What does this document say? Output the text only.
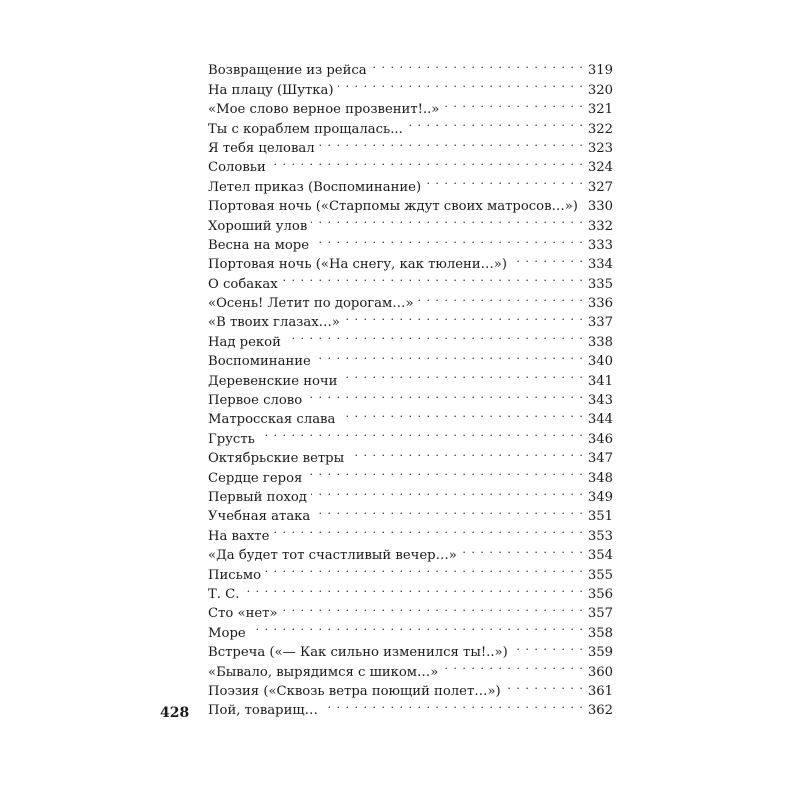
428
Возвращение из рейса . . .	319
На плацу (Шутка) . . .	320
«Мое слово верное прозвенит!..» . . .	321
Ты с кораблем прощалась... . . .	322
Я тебя целовал . . .	323
Соловьи . . .	324
Летел приказ (Воспоминание) . . .	327
Портовая ночь («Старпомы ждут своих матросов…») . . . 330
Хороший улов . . .	332
Весна на море . . .	333
Портовая ночь («На снегу, как тюлени…») . . .	334
О собаках . . .	335
«Осень! Летит по дорогам…» . . .	336
«В твоих глазах…» . . .	337
Над рекой . . .	338
Воспоминание . . .	340
Деревенские ночи . . .	341
Первое слово . . .	343
Матросская слава . . .	344
Грусть . . .	346
Октябрьские ветры . . .	347
Сердце героя . . .	348
Первый поход . . .	349
Учебная атака . . .	351
На вахте . . .	353
«Да будет тот счастливый вечер…» . . .	354
Письмо . . .	355
Т. С. . . .	356
Сто «нет» . . .	357
Море . . .	358
Встреча («— Как сильно изменился ты!..») . . .	359
«Бывало, вырядимся с шиком…» . . .	360
Поэзия («Сквозь ветра поющий полет…») . . .	361
Пой, товарищ… . . .	362
